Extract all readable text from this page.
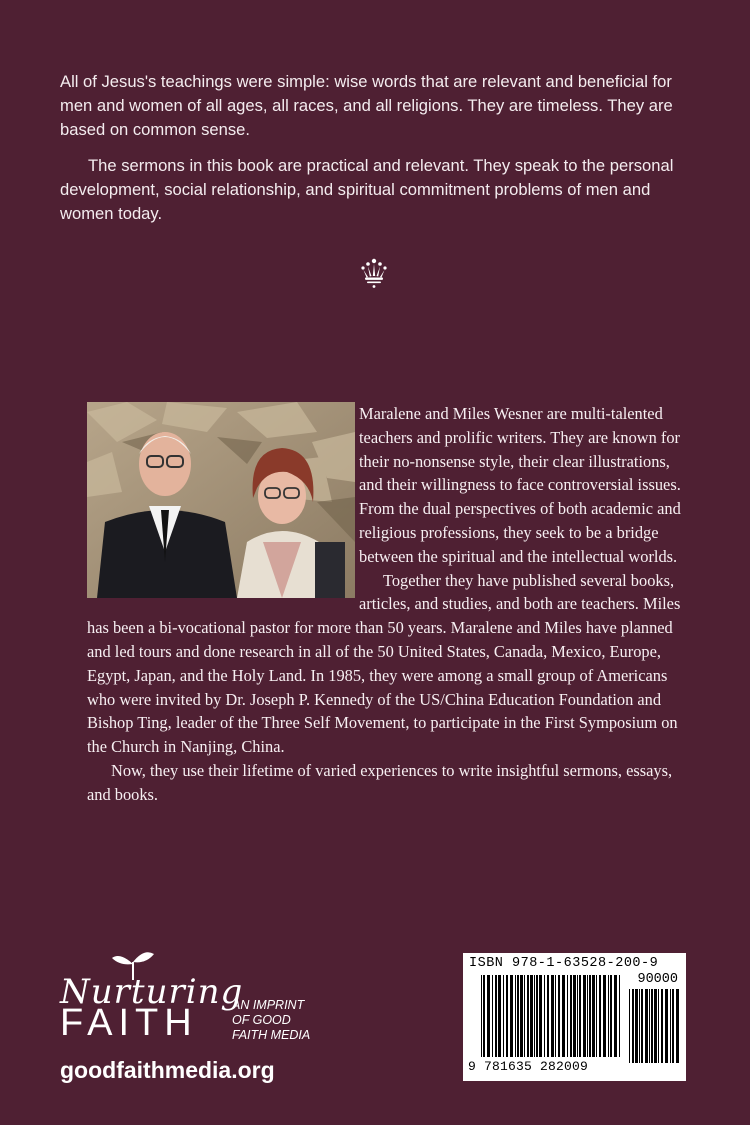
All of Jesus's teachings were simple: wise words that are relevant and beneficial for men and women of all ages, all races, and all religions. They are timeless. They are based on common sense.

The sermons in this book are practical and relevant. They speak to the personal development, social relationship, and spiritual commitment problems of men and women today.

Maralene and Miles Wesner are multi-talented teachers and prolific writers. They are known for their no-nonsense style, their clear illustrations, and their willingness to face controversial issues. From the dual perspectives of both academic and religious professions, they seek to be a bridge between the spiritual and the intellectual worlds.

Together they have published several books, articles, and studies, and both are teachers. Miles has been a bi-vocational pastor for more than 50 years. Maralene and Miles have planned and led tours and done research in all of the 50 United States, Canada, Mexico, Europe, Egypt, Japan, and the Holy Land. In 1985, they were among a small group of Americans who were invited by Dr. Joseph P. Kennedy of the US/China Education Foundation and Bishop Ting, leader of the Three Self Movement, to participate in the First Symposium on the Church in Nanjing, China.

Now, they use their lifetime of varied experiences to write insightful sermons, essays, and books.

Nurturing
FAITH	AN IMPRINT
OF GOOD
FAITH MEDIA
goodfaithmedia.org
ISBN 978-1-63528-200-9
90000
9 781635 282009
